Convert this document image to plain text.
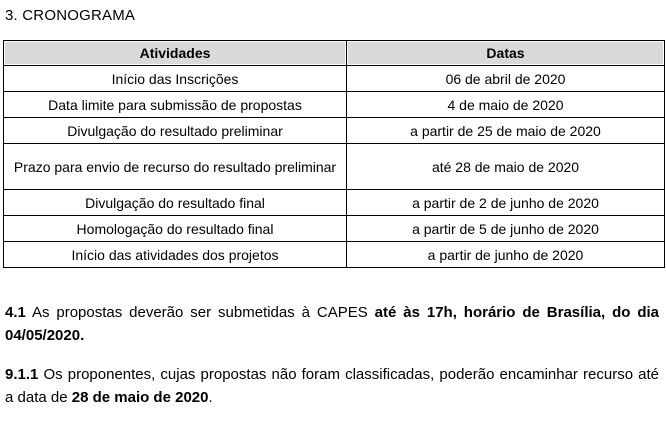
3. CRONOGRAMA
Atividades	Datas
Início das Inscrições	06 de abril de 2020
Data limite para submissão de propostas	4 de maio de 2020
Divulgação do resultado preliminar	a partir de 25 de maio de 2020
Prazo para envio de recurso do resultado preliminar	até 28 de maio de 2020
Divulgação do resultado final	a partir de 2 de junho de 2020
Homologação do resultado final	a partir de 5 de junho de 2020
Início das atividades dos projetos	a partir de junho de 2020
4.1 As propostas deverão ser submetidas à CAPES até às 17h, horário de Brasília, do dia 04/05/2020.
9.1.1 Os proponentes, cujas propostas não foram classificadas, poderão encaminhar recurso até a data de 28 de maio de 2020.
